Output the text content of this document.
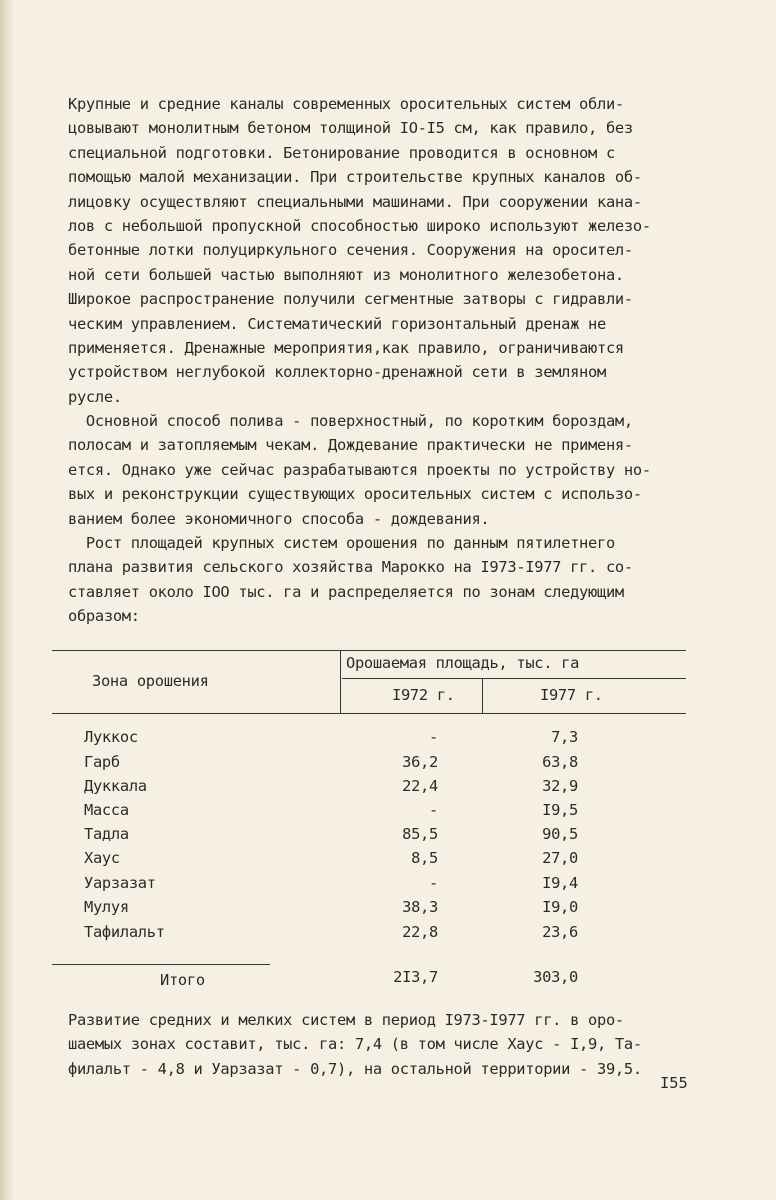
Крупные и средние каналы современных оросительных систем обли-
цовывают монолитным бетоном толщиной IO-I5 см, как правило, без
специальной подготовки. Бетонирование проводится в основном с
помощью малой механизации. При строительстве крупных каналов об-
лицовку осуществляют специальными машинами. При сооружении кана-
лов с небольшой пропускной способностью широко используют железо-
бетонные лотки полуциркульного сечения. Сооружения на оросител-
ной сети большей частью выполняют из монолитного железобетона.
Широкое распространение получили сегментные затворы с гидравли-
ческим управлением. Систематический горизонтальный дренаж не
применяется. Дренажные мероприятия,как правило, ограничиваются
устройством неглубокой коллекторно-дренажной сети в земляном
русле.
Основной способ полива - поверхностный, по коротким бороздам,
полосам и затопляемым чекам. Дождевание практически не применя-
ется. Однако уже сейчас разрабатываются проекты по устройству но-
вых и реконструкции существующих оросительных систем с использо-
ванием более экономичного способа - дождевания.
Рост площадей крупных систем орошения по данным пятилетнего
плана развития сельского хозяйства Марокко на I973-I977 гг. со-
ставляет около IOO тыс. га и распределяется по зонам следующим
образом:
Зона орошения
Орошаемая площадь, тыс. га
I972 г.	I977 г.
Луккос	-	7,3
Гарб	36,2	63,8
Дуккала	22,4	32,9
Масса	-	I9,5
Тадла	85,5	90,5
Хаус	8,5	27,0
Уарзазат	-	I9,4
Мулуя	38,3	I9,0
Тафилальт	22,8	23,6
Итого	2I3,7	303,0
Развитие средних и мелких систем в период I973-I977 гг. в оро-
шаемых зонах составит, тыс. га: 7,4 (в том числе Хаус - I,9, Та-
филальт - 4,8 и Уарзазат - 0,7), на остальной территории - 39,5.
I55
